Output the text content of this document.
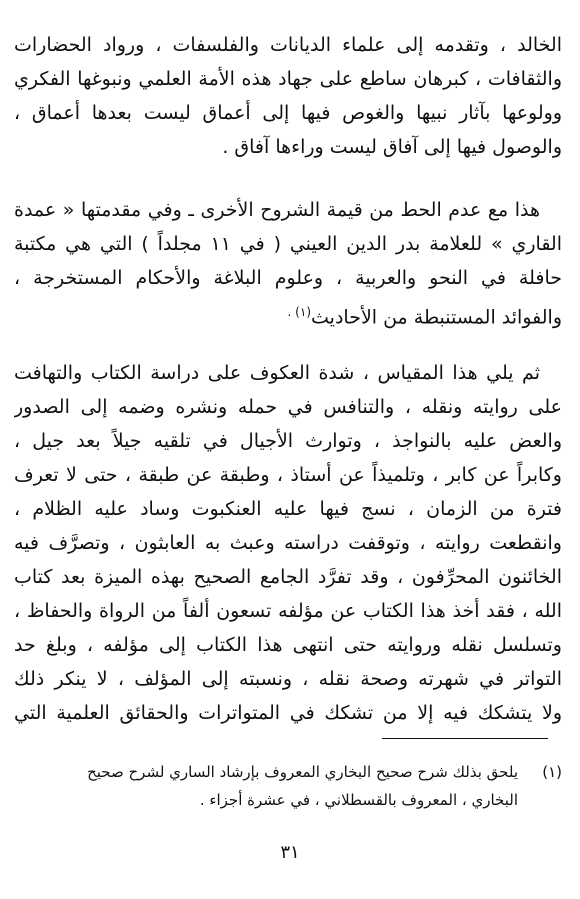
الخالد ، وتقدمه إلى علماء الديانات والفلسفات ، ورواد الحضارات
والثقافات ، كبرهان ساطع على جهاد هذه الأمة العلمي ونبوغها الفكري
وولوعها بآثار نبيها والغوص فيها إلى أعماق ليست بعدها أعماق ،
والوصول فيها إلى آفاق ليست وراءها آفاق .
هذا مع عدم الحط من قيمة الشروح الأخرى ـ وفي مقدمتها « عمدة
القاري » للعلامة بدر الدين العيني ( في ١١ مجلداً ) التي هي مكتبة
حافلة في النحو والعربية ، وعلوم البلاغة والأحكام المستخرجة ،
والفوائد المستنبطة من الأحاديث$^{(١) .}$
ثم يلي هذا المقياس ، شدة العكوف على دراسة الكتاب والتهافت
على روايته ونقله ، والتنافس في حمله ونشره وضمه إلى الصدور
والعض عليه بالنواجذ ، وتوارث الأجيال في تلقيه جيلاً بعد جيل ،
وكابراً عن كابر ، وتلميذاً عن أستاذ ، وطبقة عن طبقة ، حتى لا تعرف
فترة من الزمان ، نسج فيها عليه العنكبوت وساد عليه الظلام ،
وانقطعت روايته ، وتوقفت دراسته وعبث به العابثون ، وتصرَّف فيه
الخائنون المحرِّفون ، وقد تفرَّد الجامع الصحيح بهذه الميزة بعد كتاب
الله ، فقد أخذ هذا الكتاب عن مؤلفه تسعون ألفاً من الرواة والحفاظ ،
وتسلسل نقله وروايته حتى انتهى هذا الكتاب إلى مؤلفه ، وبلغ حد
التواتر في شهرته وصحة نقله ، ونسبته إلى المؤلف ، لا ينكر ذلك
ولا يتشكك فيه إلا من تشكك في المتواترات والحقائق العلمية التي
(١)يلحق بذلك شرح صحيح البخاري المعروف بإرشاد الساري لشرح صحيح
البخاري ، المعروف بالقسطلاني ، في عشرة أجزاء .
٣١
